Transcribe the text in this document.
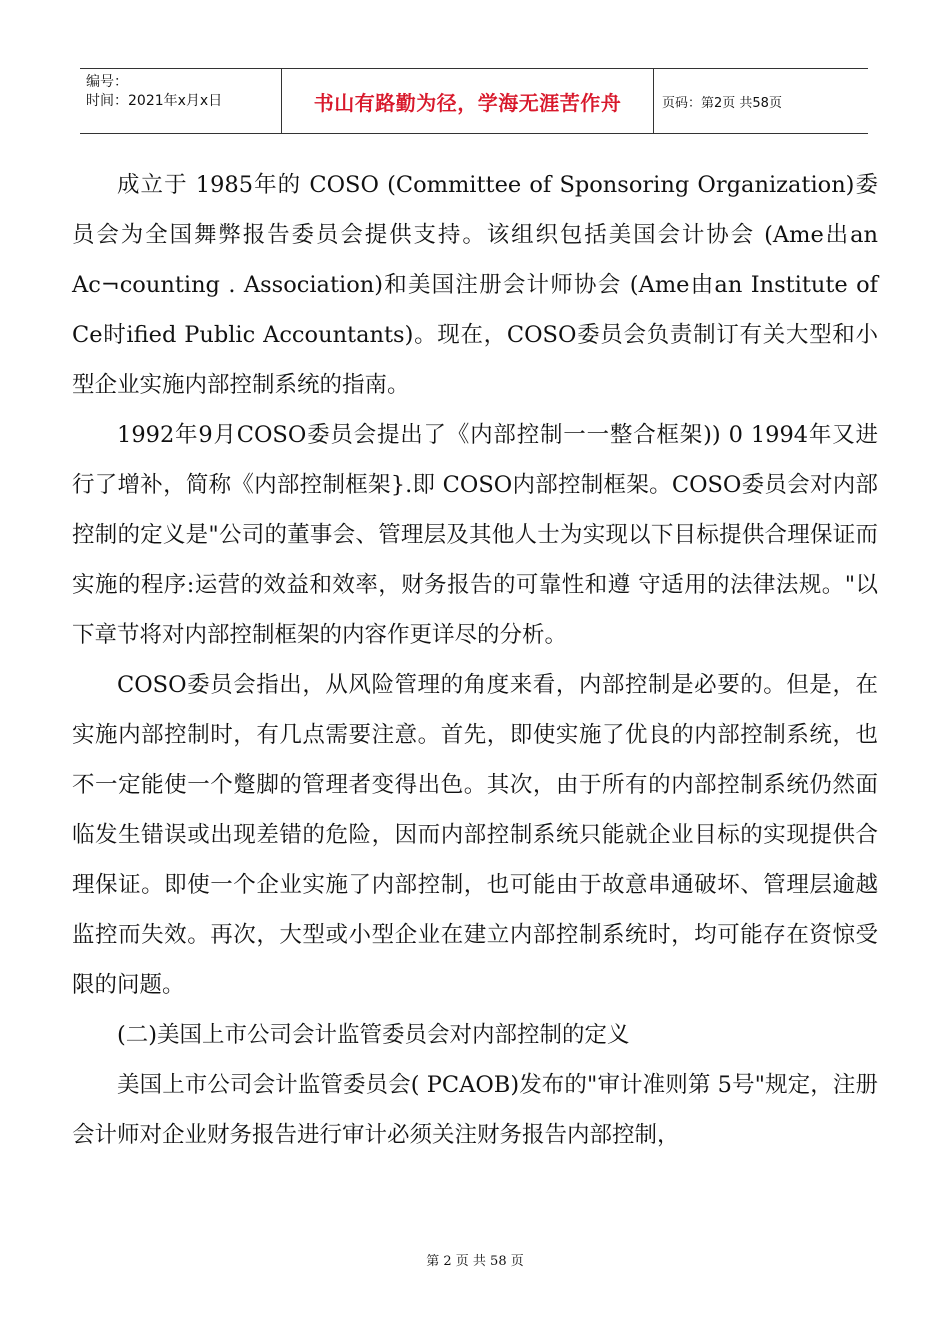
编号：
时间：2021年x月x日	书山有路勤为径，学海无涯苦作舟	页码：第2页 共58页

成立于 1985年的 COSO (Committee of Sponsoring Organization)委员会为全国舞弊报告委员会提供支持。该组织包括美国会计协会 (Ame出an Ac¬counting . Association)和美国注册会计师协会 (Ame由an Institute of Ce时ified Public Accountants)。现在，COSO委员会负责制订有关大型和小型企业实施内部控制系统的指南。

1992年9月COSO委员会提出了《内部控制一一整合框架)) 0 1994年又进行了增补，简称《内部控制框架}.即 COSO内部控制框架。COSO委员会对内部控制的定义是"公司的董事会、管理层及其他人士为实现以下目标提供合理保证而实施的程序:运营的效益和效率，财务报告的可靠性和遵 守适用的法律法规。"以下章节将对内部控制框架的内容作更详尽的分析。

COSO委员会指出，从风险管理的角度来看，内部控制是必要的。但是，在实施内部控制时，有几点需要注意。首先，即使实施了优良的内部控制系统，也不一定能使一个蹩脚的管理者变得出色。其次，由于所有的内部控制系统仍然面临发生错误或出现差错的危险，因而内部控制系统只能就企业目标的实现提供合理保证。即使一个企业实施了内部控制，也可能由于故意串通破坏、管理层逾越监控而失效。再次，大型或小型企业在建立内部控制系统时，均可能存在资惊受限的问题。

(二)美国上市公司会计监管委员会对内部控制的定义

美国上市公司会计监管委员会( PCAOB)发布的"审计准则第 5号"规定，注册会计师对企业财务报告进行审计必须关注财务报告内部控制，

第 2 页 共 58 页
